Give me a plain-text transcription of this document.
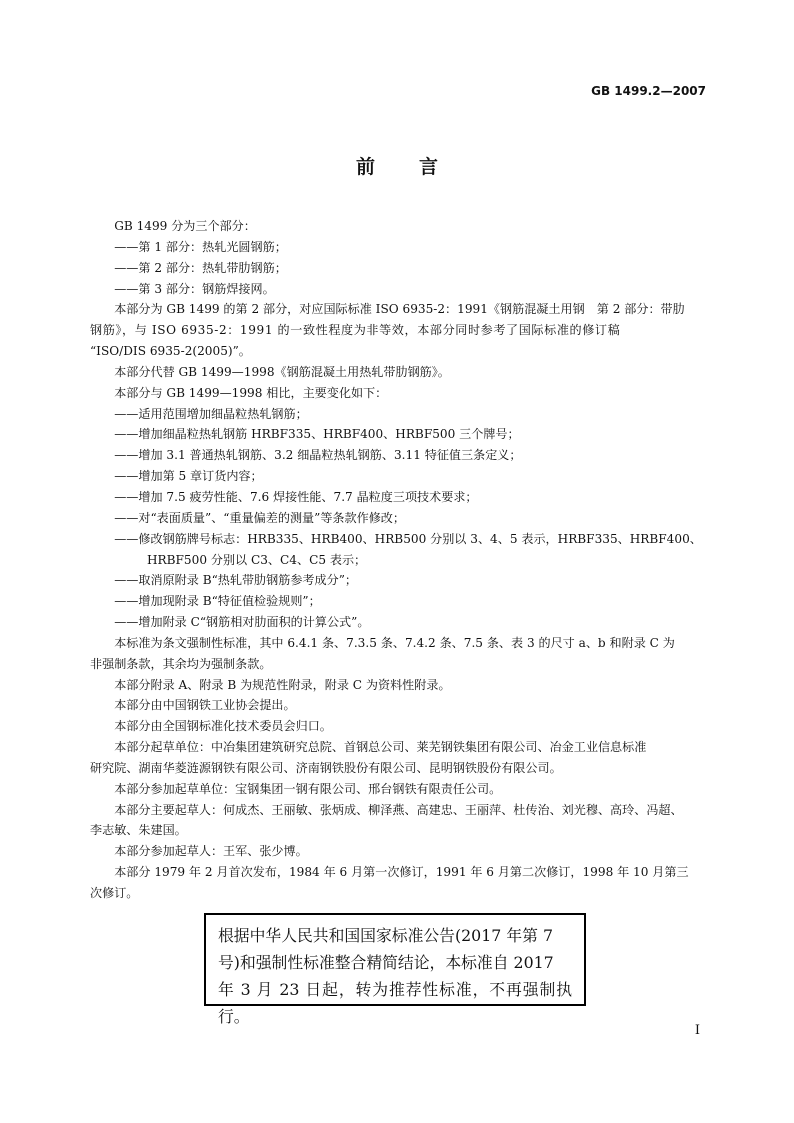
GB 1499.2—2007
前言
GB 1499 分为三个部分：
——第 1 部分：热轧光圆钢筋；
——第 2 部分：热轧带肋钢筋；
——第 3 部分：钢筋焊接网。
本部分为 GB 1499 的第 2 部分，对应国际标准 ISO 6935-2：1991《钢筋混凝土用钢　第 2 部分：带肋
钢筋》，与 ISO 6935-2：1991 的一致性程度为非等效，本部分同时参考了国际标准的修订稿
“ISO/DIS 6935-2(2005)”。
本部分代替 GB 1499—1998《钢筋混凝土用热轧带肋钢筋》。
本部分与 GB 1499—1998 相比，主要变化如下：
——适用范围增加细晶粒热轧钢筋；
——增加细晶粒热轧钢筋 HRBF335、HRBF400、HRBF500 三个牌号；
——增加 3.1 普通热轧钢筋、3.2 细晶粒热轧钢筋、3.11 特征值三条定义；
——增加第 5 章订货内容；
——增加 7.5 疲劳性能、7.6 焊接性能、7.7 晶粒度三项技术要求；
——对“表面质量”、“重量偏差的测量”等条款作修改；
——修改钢筋牌号标志：HRB335、HRB400、HRB500 分别以 3、4、5 表示，HRBF335、HRBF400、
HRBF500 分别以 C3、C4、C5 表示；
——取消原附录 B“热轧带肋钢筋参考成分”；
——增加现附录 B“特征值检验规则”；
——增加附录 C“钢筋相对肋面积的计算公式”。
本标准为条文强制性标准，其中 6.4.1 条、7.3.5 条、7.4.2 条、7.5 条、表 3 的尺寸 a、b 和附录 C 为
非强制条款，其余均为强制条款。
本部分附录 A、附录 B 为规范性附录，附录 C 为资料性附录。
本部分由中国钢铁工业协会提出。
本部分由全国钢标准化技术委员会归口。
本部分起草单位：中冶集团建筑研究总院、首钢总公司、莱芜钢铁集团有限公司、冶金工业信息标准
研究院、湖南华菱涟源钢铁有限公司、济南钢铁股份有限公司、昆明钢铁股份有限公司。
本部分参加起草单位：宝钢集团一钢有限公司、邢台钢铁有限责任公司。
本部分主要起草人：何成杰、王丽敏、张炳成、柳泽燕、高建忠、王丽萍、杜传治、刘光穆、高玲、冯超、
李志敏、朱建国。
本部分参加起草人：王军、张少博。
本部分 1979 年 2 月首次发布，1984 年 6 月第一次修订，1991 年 6 月第二次修订，1998 年 10 月第三
次修订。
根据中华人民共和国国家标准公告(2017 年第 7
号)和强制性标准整合精简结论，本标准自 2017
年 3 月 23 日起，转为推荐性标准，不再强制执行。
I
